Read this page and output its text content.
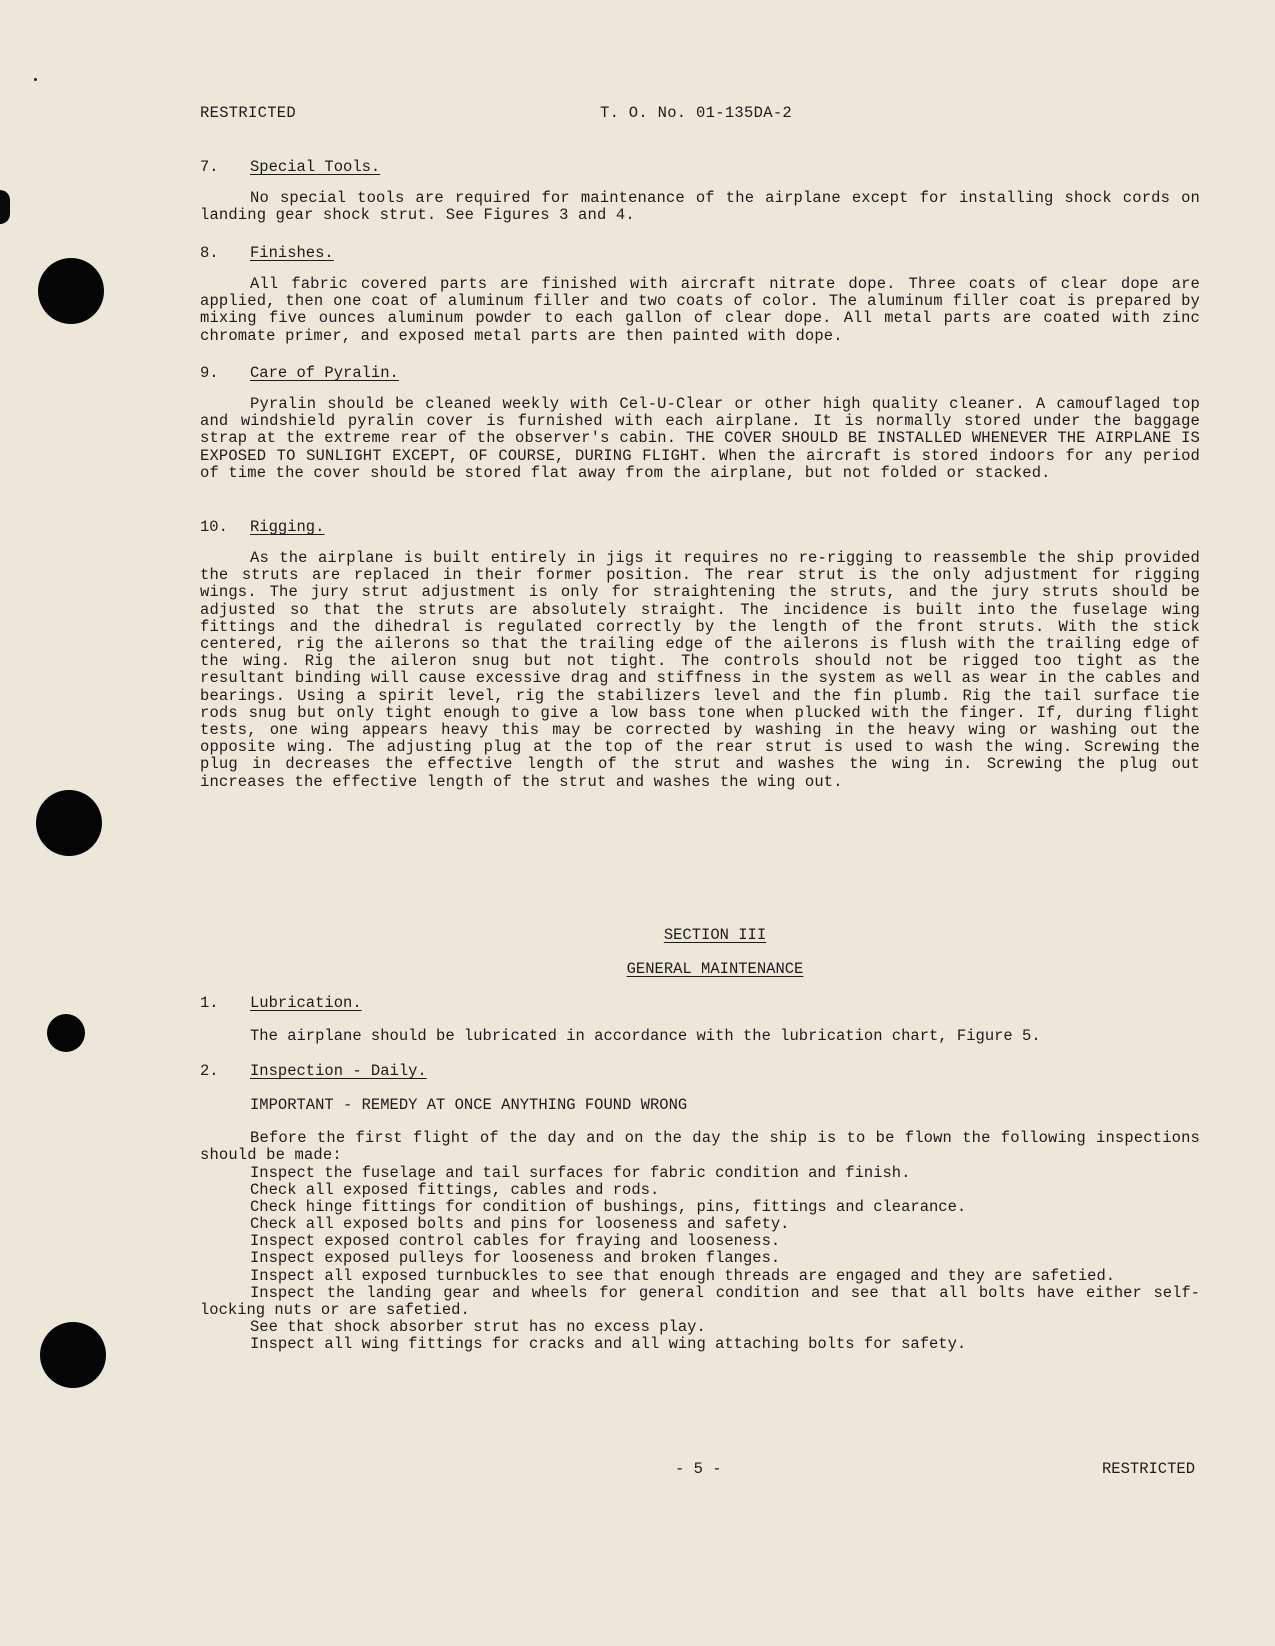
RESTRICTED	T. O. No. 01-135DA-2
7. Special Tools.
No special tools are required for maintenance of the airplane except for installing shock cords on landing gear shock strut. See Figures 3 and 4.
8. Finishes.
All fabric covered parts are finished with aircraft nitrate dope. Three coats of clear dope are applied, then one coat of aluminum filler and two coats of color. The aluminum filler coat is prepared by mixing five ounces aluminum powder to each gallon of clear dope. All metal parts are coated with zinc chromate primer, and exposed metal parts are then painted with dope.
9. Care of Pyralin.
Pyralin should be cleaned weekly with Cel-U-Clear or other high quality cleaner. A camouflaged top and windshield pyralin cover is furnished with each airplane. It is normally stored under the baggage strap at the extreme rear of the observer's cabin. THE COVER SHOULD BE INSTALLED WHENEVER THE AIRPLANE IS EXPOSED TO SUNLIGHT EXCEPT, OF COURSE, DURING FLIGHT. When the aircraft is stored indoors for any period of time the cover should be stored flat away from the airplane, but not folded or stacked.
10. Rigging.
As the airplane is built entirely in jigs it requires no re-rigging to reassemble the ship provided the struts are replaced in their former position. The rear strut is the only adjustment for rigging wings. The jury strut adjustment is only for straightening the struts, and the jury struts should be adjusted so that the struts are absolutely straight. The incidence is built into the fuselage wing fittings and the dihedral is regulated correctly by the length of the front struts. With the stick centered, rig the ailerons so that the trailing edge of the ailerons is flush with the trailing edge of the wing. Rig the aileron snug but not tight. The controls should not be rigged too tight as the resultant binding will cause excessive drag and stiffness in the system as well as wear in the cables and bearings. Using a spirit level, rig the stabilizers level and the fin plumb. Rig the tail surface tie rods snug but only tight enough to give a low bass tone when plucked with the finger. If, during flight tests, one wing appears heavy this may be corrected by washing in the heavy wing or washing out the opposite wing. The adjusting plug at the top of the rear strut is used to wash the wing. Screwing the plug in decreases the effective length of the strut and washes the wing in. Screwing the plug out increases the effective length of the strut and washes the wing out.
SECTION III
GENERAL MAINTENANCE
1. Lubrication.
The airplane should be lubricated in accordance with the lubrication chart, Figure 5.
2. Inspection - Daily.
IMPORTANT - REMEDY AT ONCE ANYTHING FOUND WRONG
Before the first flight of the day and on the day the ship is to be flown the following inspections should be made:
Inspect the fuselage and tail surfaces for fabric condition and finish.
Check all exposed fittings, cables and rods.
Check hinge fittings for condition of bushings, pins, fittings and clearance.
Check all exposed bolts and pins for looseness and safety.
Inspect exposed control cables for fraying and looseness.
Inspect exposed pulleys for looseness and broken flanges.
Inspect all exposed turnbuckles to see that enough threads are engaged and they are safetied.
Inspect the landing gear and wheels for general condition and see that all bolts have either self-locking nuts or are safetied.
See that shock absorber strut has no excess play.
Inspect all wing fittings for cracks and all wing attaching bolts for safety.
- 5 -	RESTRICTED
